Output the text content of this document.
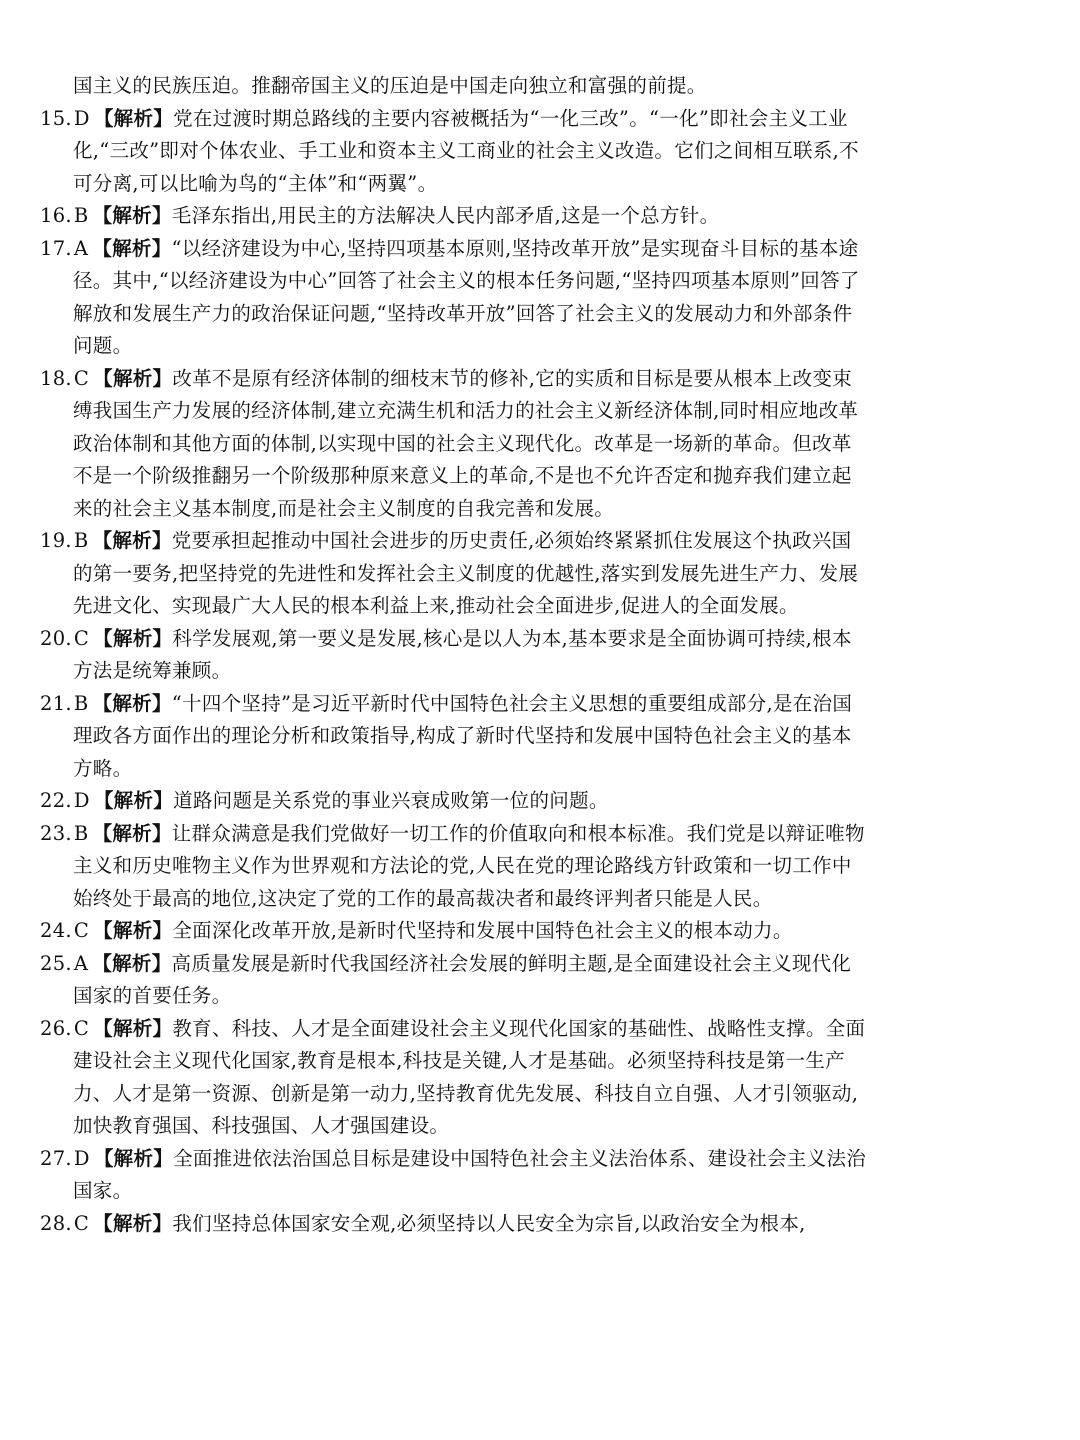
国主义的民族压迫。推翻帝国主义的压迫是中国走向独立和富强的前提。

15. D 【解析】党在过渡时期总路线的主要内容被概括为“一化三改”。“一化”即社会主义工业化,“三改”即对个体农业、手工业和资本主义工商业的社会主义改造。它们之间相互联系,不可分离,可以比喻为鸟的“主体”和“两翼”。

16. B 【解析】毛泽东指出,用民主的方法解决人民内部矛盾,这是一个总方针。

17. A 【解析】“以经济建设为中心,坚持四项基本原则,坚持改革开放”是实现奋斗目标的基本途径。其中,“以经济建设为中心”回答了社会主义的根本任务问题,“坚持四项基本原则”回答了解放和发展生产力的政治保证问题,“坚持改革开放”回答了社会主义的发展动力和外部条件问题。

18. C 【解析】改革不是原有经济体制的细枝末节的修补,它的实质和目标是要从根本上改变束缚我国生产力发展的经济体制,建立充满生机和活力的社会主义新经济体制,同时相应地改革政治体制和其他方面的体制,以实现中国的社会主义现代化。改革是一场新的革命。但改革不是一个阶级推翻另一个阶级那种原来意义上的革命,不是也不允许否定和抛弃我们建立起来的社会主义基本制度,而是社会主义制度的自我完善和发展。

19. B 【解析】党要承担起推动中国社会进步的历史责任,必须始终紧紧抓住发展这个执政兴国的第一要务,把坚持党的先进性和发挥社会主义制度的优越性,落实到发展先进生产力、发展先进文化、实现最广大人民的根本利益上来,推动社会全面进步,促进人的全面发展。

20. C 【解析】科学发展观,第一要义是发展,核心是以人为本,基本要求是全面协调可持续,根本方法是统筹兼顾。

21. B 【解析】“十四个坚持”是习近平新时代中国特色社会主义思想的重要组成部分,是在治国理政各方面作出的理论分析和政策指导,构成了新时代坚持和发展中国特色社会主义的基本方略。

22. D 【解析】道路问题是关系党的事业兴衰成败第一位的问题。

23. B 【解析】让群众满意是我们党做好一切工作的价值取向和根本标准。我们党是以辩证唯物主义和历史唯物主义作为世界观和方法论的党,人民在党的理论路线方针政策和一切工作中始终处于最高的地位,这决定了党的工作的最高裁决者和最终评判者只能是人民。

24. C 【解析】全面深化改革开放,是新时代坚持和发展中国特色社会主义的根本动力。

25. A 【解析】高质量发展是新时代我国经济社会发展的鲜明主题,是全面建设社会主义现代化国家的首要任务。

26. C 【解析】教育、科技、人才是全面建设社会主义现代化国家的基础性、战略性支撑。全面建设社会主义现代化国家,教育是根本,科技是关键,人才是基础。必须坚持科技是第一生产力、人才是第一资源、创新是第一动力,坚持教育优先发展、科技自立自强、人才引领驱动,加快教育强国、科技强国、人才强国建设。

27. D 【解析】全面推进依法治国总目标是建设中国特色社会主义法治体系、建设社会主义法治国家。

28. C 【解析】我们坚持总体国家安全观,必须坚持以人民安全为宗旨,以政治安全为根本,
